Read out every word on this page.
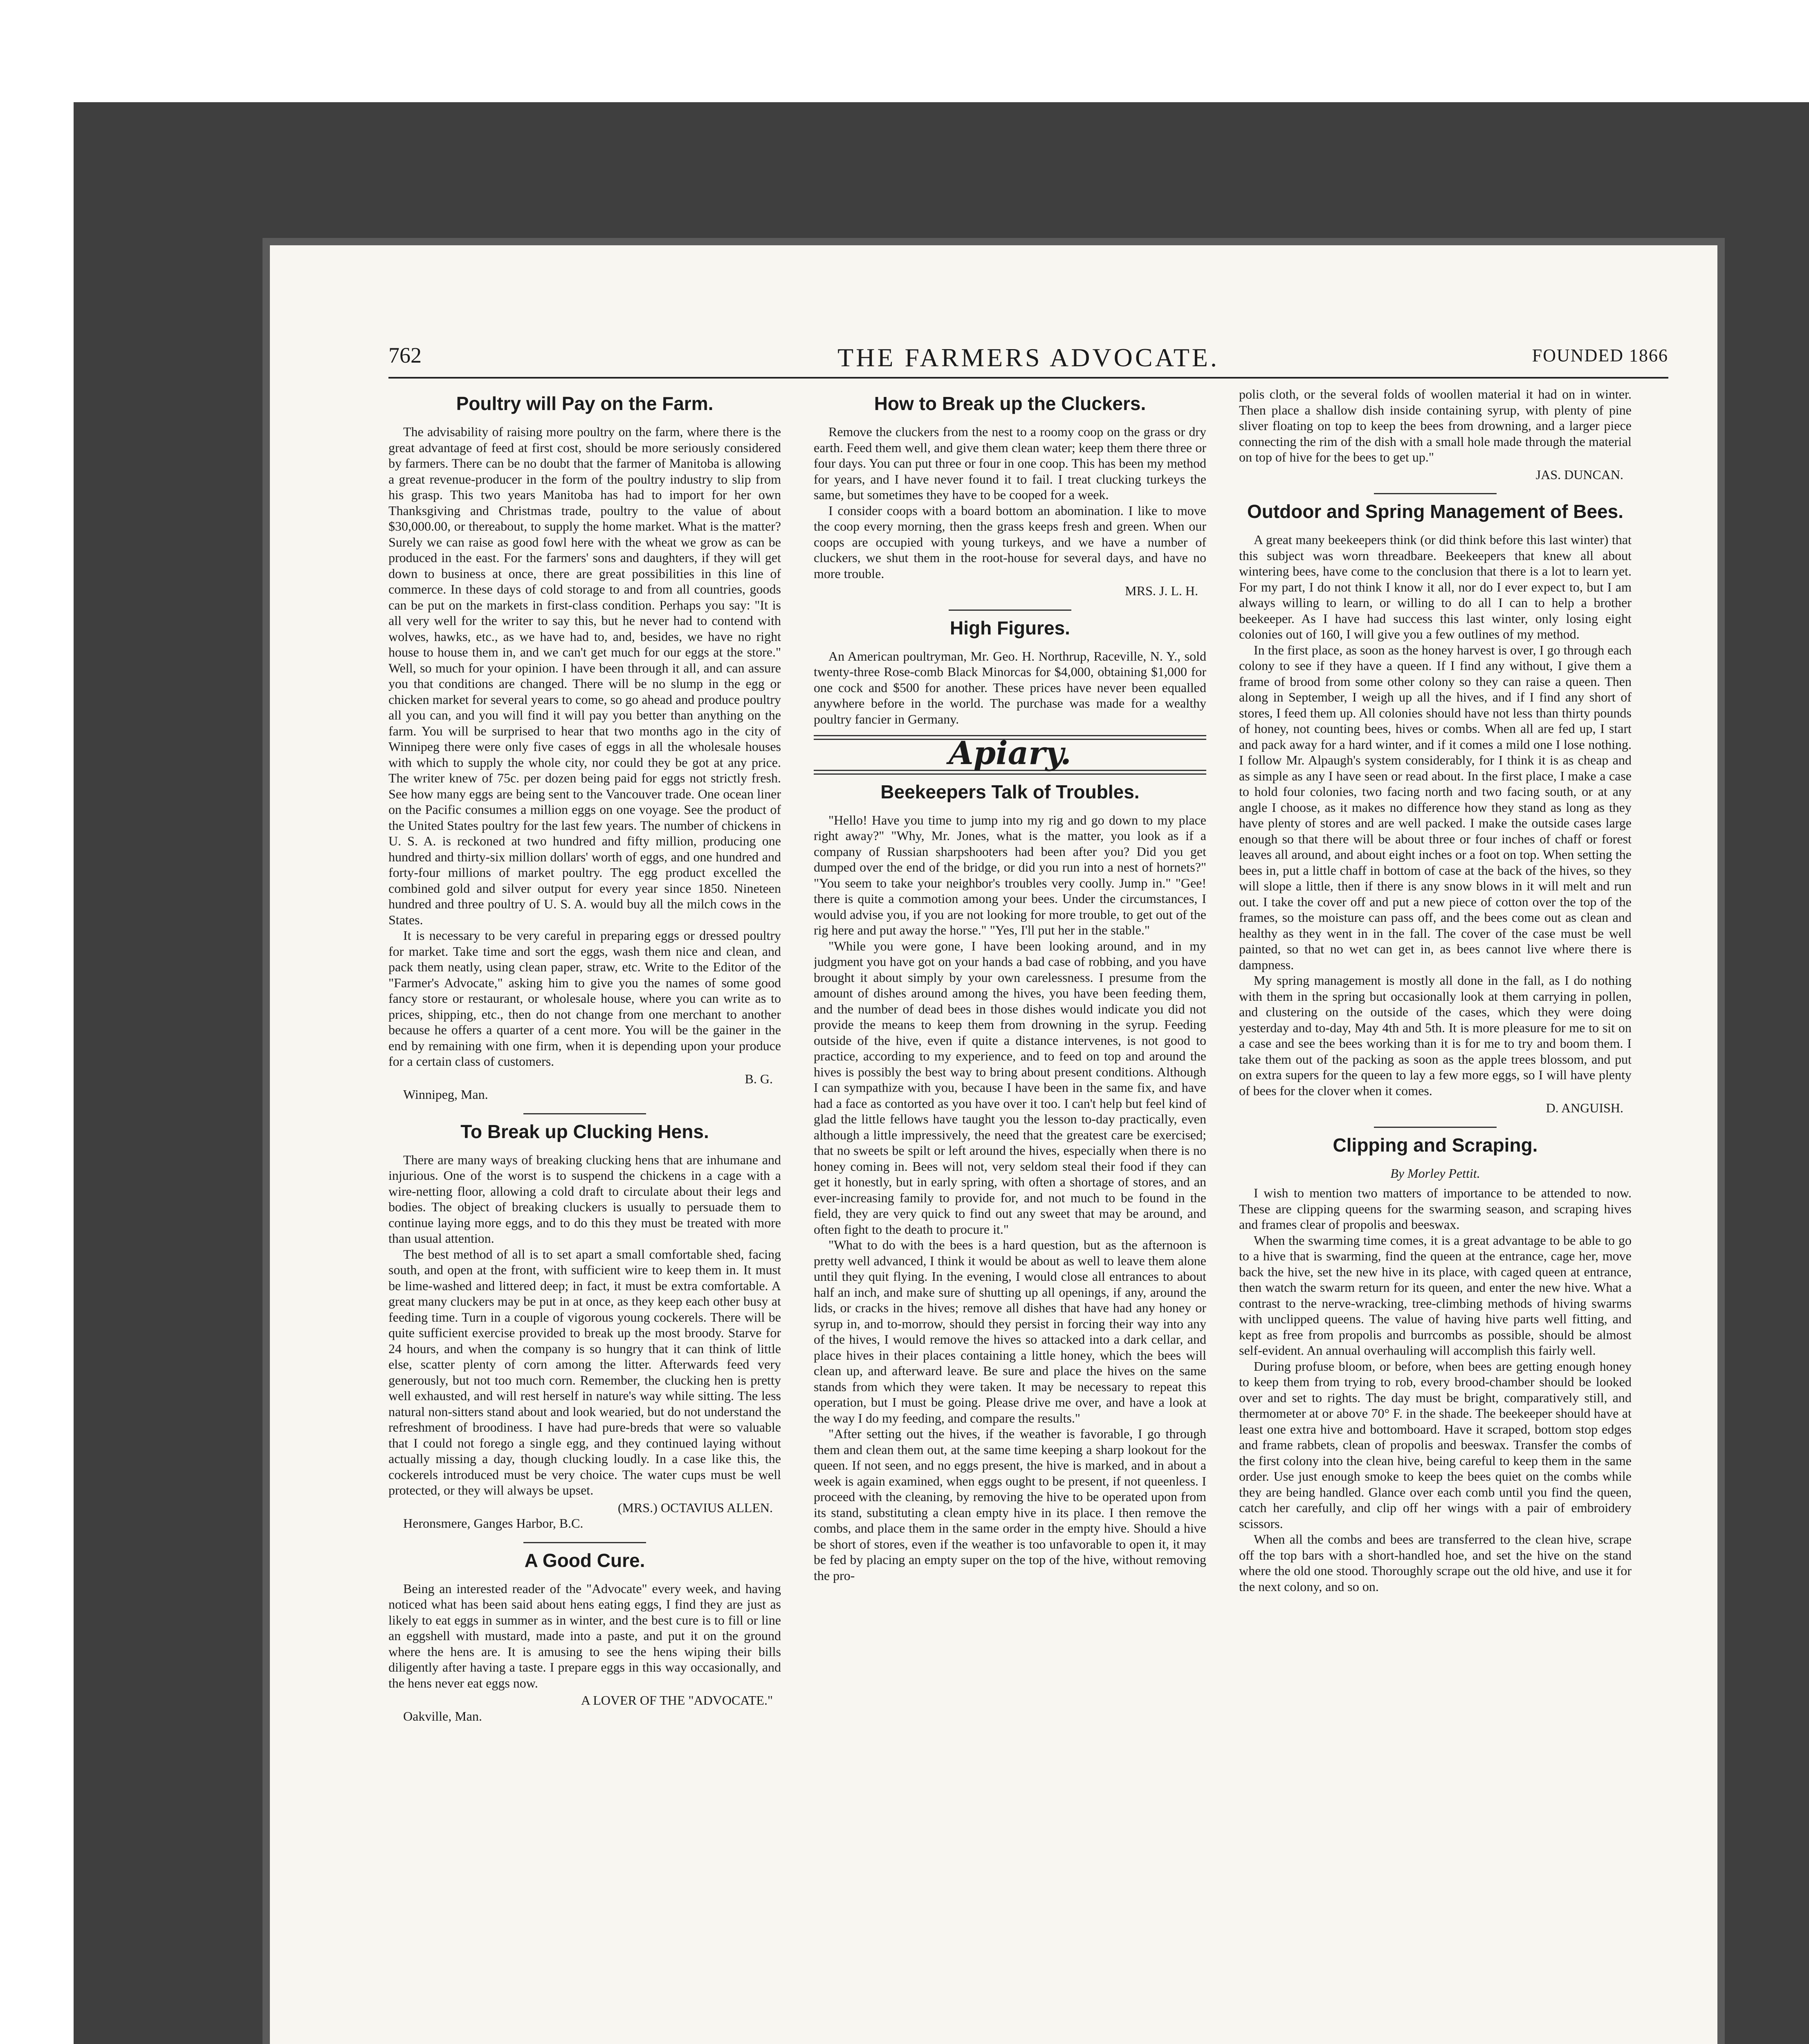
762	THE FARMERS ADVOCATE.	FOUNDED 1866
Poultry will Pay on the Farm.

The advisability of raising more poultry on the farm, where there is the great advantage of feed at first cost, should be more seriously considered by farmers. There can be no doubt that the farmer of Manitoba is allowing a great revenue-producer in the form of the poultry industry to slip from his grasp. This two years Manitoba has had to import for her own Thanksgiving and Christmas trade, poultry to the value of about $30,000.00, or thereabout, to supply the home market. What is the matter? Surely we can raise as good fowl here with the wheat we grow as can be produced in the east. For the farmers' sons and daughters, if they will get down to business at once, there are great possibilities in this line of commerce. In these days of cold storage to and from all countries, goods can be put on the markets in first-class condition. Perhaps you say: "It is all very well for the writer to say this, but he never had to contend with wolves, hawks, etc., as we have had to, and, besides, we have no right house to house them in, and we can't get much for our eggs at the store." Well, so much for your opinion. I have been through it all, and can assure you that conditions are changed. There will be no slump in the egg or chicken market for several years to come, so go ahead and produce poultry all you can, and you will find it will pay you better than anything on the farm. You will be surprised to hear that two months ago in the city of Winnipeg there were only five cases of eggs in all the wholesale houses with which to supply the whole city, nor could they be got at any price. The writer knew of 75c. per dozen being paid for eggs not strictly fresh. See how many eggs are being sent to the Vancouver trade. One ocean liner on the Pacific consumes a million eggs on one voyage. See the product of the United States poultry for the last few years. The number of chickens in U. S. A. is reckoned at two hundred and fifty million, producing one hundred and thirty-six million dollars' worth of eggs, and one hundred and forty-four millions of market poultry. The egg product excelled the combined gold and silver output for every year since 1850. Nineteen hundred and three poultry of U. S. A. would buy all the milch cows in the States.

It is necessary to be very careful in preparing eggs or dressed poultry for market. Take time and sort the eggs, wash them nice and clean, and pack them neatly, using clean paper, straw, etc. Write to the Editor of the "Farmer's Advocate," asking him to give you the names of some good fancy store or restaurant, or wholesale house, where you can write as to prices, shipping, etc., then do not change from one merchant to another because he offers a quarter of a cent more. You will be the gainer in the end by remaining with one firm, when it is depending upon your produce for a certain class of customers.

B. G.
Winnipeg, Man.
To Break up Clucking Hens.

There are many ways of breaking clucking hens that are inhumane and injurious. One of the worst is to suspend the chickens in a cage with a wire-netting floor, allowing a cold draft to circulate about their legs and bodies. The object of breaking cluckers is usually to persuade them to continue laying more eggs, and to do this they must be treated with more than usual attention.

The best method of all is to set apart a small comfortable shed, facing south, and open at the front, with sufficient wire to keep them in. It must be lime-washed and littered deep; in fact, it must be extra comfortable. A great many cluckers may be put in at once, as they keep each other busy at feeding time. Turn in a couple of vigorous young cockerels. There will be quite sufficient exercise provided to break up the most broody. Starve for 24 hours, and when the company is so hungry that it can think of little else, scatter plenty of corn among the litter. Afterwards feed very generously, but not too much corn. Remember, the clucking hen is pretty well exhausted, and will rest herself in nature's way while sitting. The less natural non-sitters stand about and look wearied, but do not understand the refreshment of broodiness. I have had pure-breds that were so valuable that I could not forego a single egg, and they continued laying without actually missing a day, though clucking loudly. In a case like this, the cockerels introduced must be very choice. The water cups must be well protected, or they will always be upset.

(MRS.) OCTAVIUS ALLEN.
Heronsmere, Ganges Harbor, B.C.
A Good Cure.

Being an interested reader of the "Advocate" every week, and having noticed what has been said about hens eating eggs, I find they are just as likely to eat eggs in summer as in winter, and the best cure is to fill or line an eggshell with mustard, made into a paste, and put it on the ground where the hens are. It is amusing to see the hens wiping their bills diligently after having a taste. I prepare eggs in this way occasionally, and the hens never eat eggs now.

A LOVER OF THE "ADVOCATE."
Oakville, Man.
How to Break up the Cluckers.

Remove the cluckers from the nest to a roomy coop on the grass or dry earth. Feed them well, and give them clean water; keep them there three or four days. You can put three or four in one coop. This has been my method for years, and I have never found it to fail. I treat clucking turkeys the same, but sometimes they have to be cooped for a week.

I consider coops with a board bottom an abomination. I like to move the coop every morning, then the grass keeps fresh and green. When our coops are occupied with young turkeys, and we have a number of cluckers, we shut them in the root-house for several days, and have no more trouble.

MRS. J. L. H.
High Figures.

An American poultryman, Mr. Geo. H. Northrup, Raceville, N. Y., sold twenty-three Rose-comb Black Minorcas for $4,000, obtaining $1,000 for one cock and $500 for another. These prices have never been equalled anywhere before in the world. The purchase was made for a wealthy poultry fancier in Germany.

Apiary.
Beekeepers Talk of Troubles.

"Hello! Have you time to jump into my rig and go down to my place right away?" "Why, Mr. Jones, what is the matter, you look as if a company of Russian sharpshooters had been after you? Did you get dumped over the end of the bridge, or did you run into a nest of hornets?" "You seem to take your neighbor's troubles very coolly. Jump in." "Gee! there is quite a commotion among your bees. Under the circumstances, I would advise you, if you are not looking for more trouble, to get out of the rig here and put away the horse." "Yes, I'll put her in the stable."

"While you were gone, I have been looking around, and in my judgment you have got on your hands a bad case of robbing, and you have brought it about simply by your own carelessness. I presume from the amount of dishes around among the hives, you have been feeding them, and the number of dead bees in those dishes would indicate you did not provide the means to keep them from drowning in the syrup. Feeding outside of the hive, even if quite a distance intervenes, is not good to practice, according to my experience, and to feed on top and around the hives is possibly the best way to bring about present conditions. Although I can sympathize with you, because I have been in the same fix, and have had a face as contorted as you have over it too. I can't help but feel kind of glad the little fellows have taught you the lesson to-day practically, even although a little impressively, the need that the greatest care be exercised; that no sweets be spilt or left around the hives, especially when there is no honey coming in. Bees will not, very seldom steal their food if they can get it honestly, but in early spring, with often a shortage of stores, and an ever-increasing family to provide for, and not much to be found in the field, they are very quick to find out any sweet that may be around, and often fight to the death to procure it."

"What to do with the bees is a hard question, but as the afternoon is pretty well advanced, I think it would be about as well to leave them alone until they quit flying. In the evening, I would close all entrances to about half an inch, and make sure of shutting up all openings, if any, around the lids, or cracks in the hives; remove all dishes that have had any honey or syrup in, and to-morrow, should they persist in forcing their way into any of the hives, I would remove the hives so attacked into a dark cellar, and place hives in their places containing a little honey, which the bees will clean up, and afterward leave. Be sure and place the hives on the same stands from which they were taken. It may be necessary to repeat this operation, but I must be going. Please drive me over, and have a look at the way I do my feeding, and compare the results."

"After setting out the hives, if the weather is favorable, I go through them and clean them out, at the same time keeping a sharp lookout for the queen. If not seen, and no eggs present, the hive is marked, and in about a week is again examined, when eggs ought to be present, if not queenless. I proceed with the cleaning, by removing the hive to be operated upon from its stand, substituting a clean empty hive in its place. I then remove the combs, and place them in the same order in the empty hive. Should a hive be short of stores, even if the weather is too unfavorable to open it, it may be fed by placing an empty super on the top of the hive, without removing the pro-

polis cloth, or the several folds of woollen material it had on in winter. Then place a shallow dish inside containing syrup, with plenty of pine sliver floating on top to keep the bees from drowning, and a larger piece connecting the rim of the dish with a small hole made through the material on top of hive for the bees to get up."

JAS. DUNCAN.
Outdoor and Spring Management of Bees.

A great many beekeepers think (or did think before this last winter) that this subject was worn threadbare. Beekeepers that knew all about wintering bees, have come to the conclusion that there is a lot to learn yet. For my part, I do not think I know it all, nor do I ever expect to, but I am always willing to learn, or willing to do all I can to help a brother beekeeper. As I have had success this last winter, only losing eight colonies out of 160, I will give you a few outlines of my method.

In the first place, as soon as the honey harvest is over, I go through each colony to see if they have a queen. If I find any without, I give them a frame of brood from some other colony so they can raise a queen. Then along in September, I weigh up all the hives, and if I find any short of stores, I feed them up. All colonies should have not less than thirty pounds of honey, not counting bees, hives or combs. When all are fed up, I start and pack away for a hard winter, and if it comes a mild one I lose nothing. I follow Mr. Alpaugh's system considerably, for I think it is as cheap and as simple as any I have seen or read about. In the first place, I make a case to hold four colonies, two facing north and two facing south, or at any angle I choose, as it makes no difference how they stand as long as they have plenty of stores and are well packed. I make the outside cases large enough so that there will be about three or four inches of chaff or forest leaves all around, and about eight inches or a foot on top. When setting the bees in, put a little chaff in bottom of case at the back of the hives, so they will slope a little, then if there is any snow blows in it will melt and run out. I take the cover off and put a new piece of cotton over the top of the frames, so the moisture can pass off, and the bees come out as clean and healthy as they went in in the fall. The cover of the case must be well painted, so that no wet can get in, as bees cannot live where there is dampness.

My spring management is mostly all done in the fall, as I do nothing with them in the spring but occasionally look at them carrying in pollen, and clustering on the outside of the cases, which they were doing yesterday and to-day, May 4th and 5th. It is more pleasure for me to sit on a case and see the bees working than it is for me to try and boom them. I take them out of the packing as soon as the apple trees blossom, and put on extra supers for the queen to lay a few more eggs, so I will have plenty of bees for the clover when it comes.

D. ANGUISH.
Clipping and Scraping.
By Morley Pettit.

I wish to mention two matters of importance to be attended to now. These are clipping queens for the swarming season, and scraping hives and frames clear of propolis and beeswax.

When the swarming time comes, it is a great advantage to be able to go to a hive that is swarming, find the queen at the entrance, cage her, move back the hive, set the new hive in its place, with caged queen at entrance, then watch the swarm return for its queen, and enter the new hive. What a contrast to the nerve-wracking, tree-climbing methods of hiving swarms with unclipped queens. The value of having hive parts well fitting, and kept as free from propolis and burrcombs as possible, should be almost self-evident. An annual overhauling will accomplish this fairly well.

During profuse bloom, or before, when bees are getting enough honey to keep them from trying to rob, every brood-chamber should be looked over and set to rights. The day must be bright, comparatively still, and thermometer at or above 70° F. in the shade. The beekeeper should have at least one extra hive and bottomboard. Have it scraped, bottom stop edges and frame rabbets, clean of propolis and beeswax. Transfer the combs of the first colony into the clean hive, being careful to keep them in the same order. Use just enough smoke to keep the bees quiet on the combs while they are being handled. Glance over each comb until you find the queen, catch her carefully, and clip off her wings with a pair of embroidery scissors.

When all the combs and bees are transferred to the clean hive, scrape off the top bars with a short-handled hoe, and set the hive on the stand where the old one stood. Thoroughly scrape out the old hive, and use it for the next colony, and so on.
